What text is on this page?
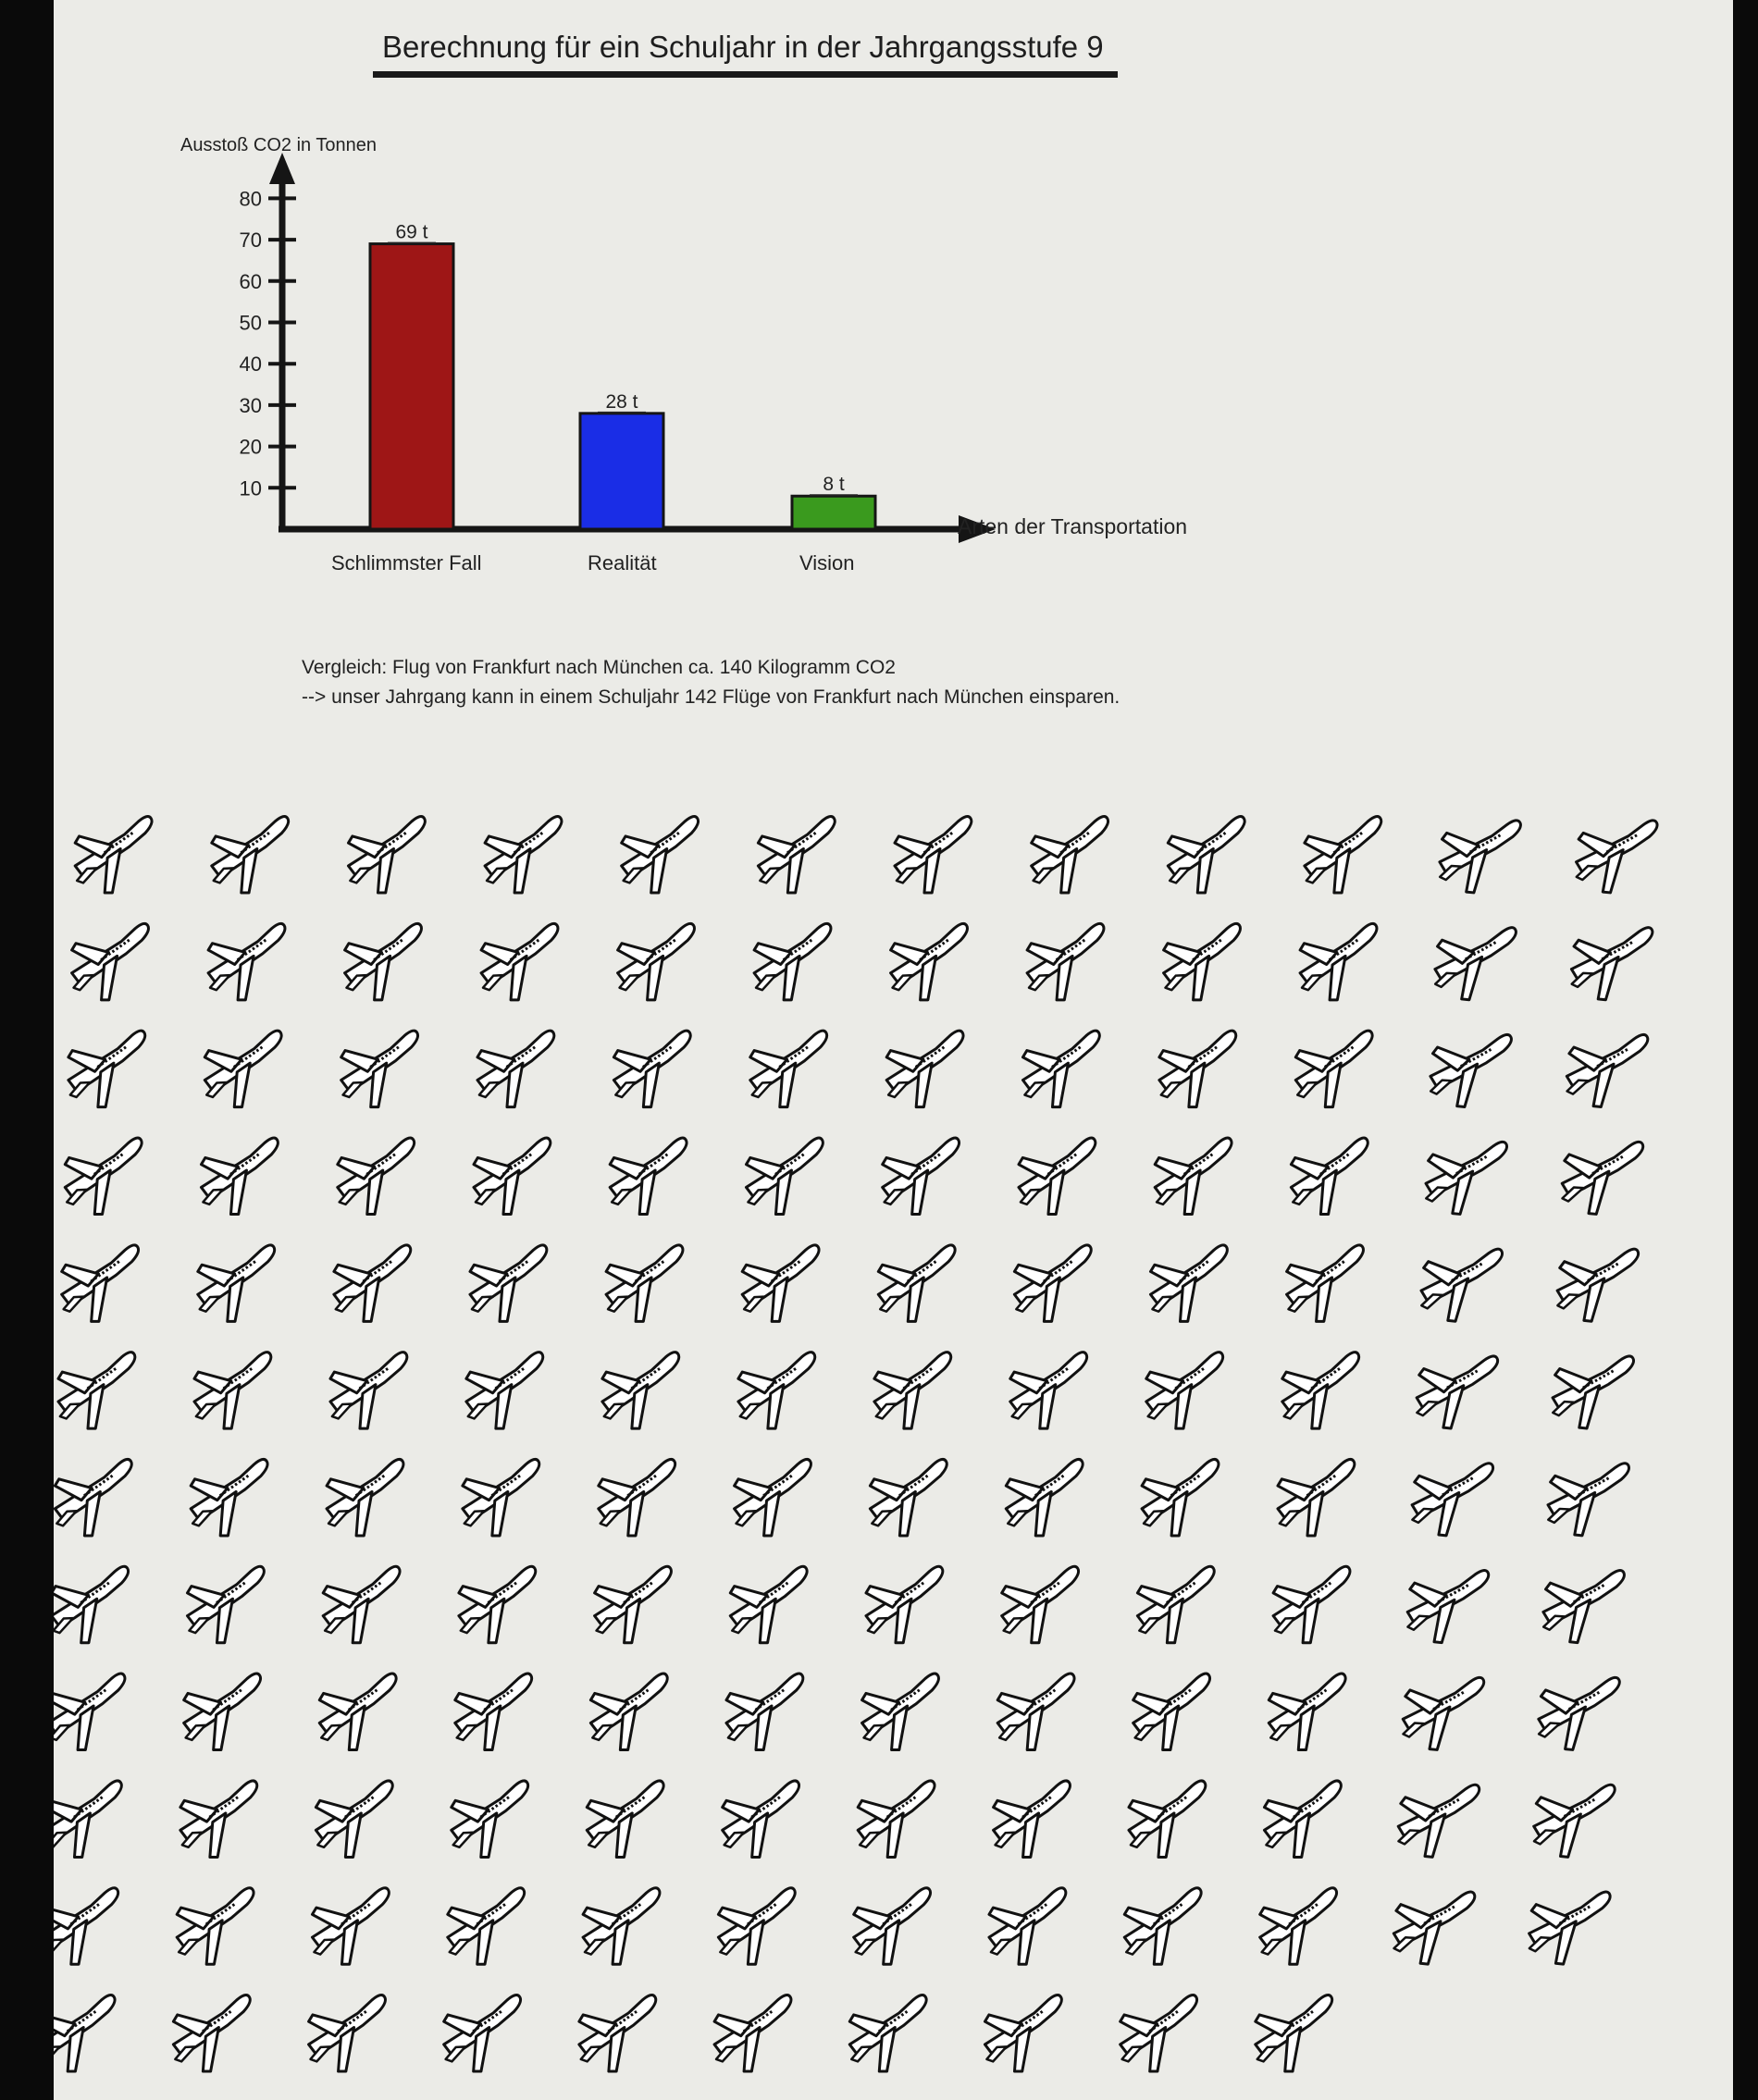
Berechnung für ein Schuljahr in der Jahrgangsstufe 9
Ausstoß CO2 in Tonnen
Arten der Transportation
10
20
30
40
50
60
70
80
69 t
Schlimmster Fall
28 t
Realität
8 t
Vision

Vergleich: Flug von Frankfurt nach München ca. 140 Kilogramm CO2

--> unser Jahrgang kann in einem Schuljahr 142 Flüge von Frankfurt nach München einsparen.
